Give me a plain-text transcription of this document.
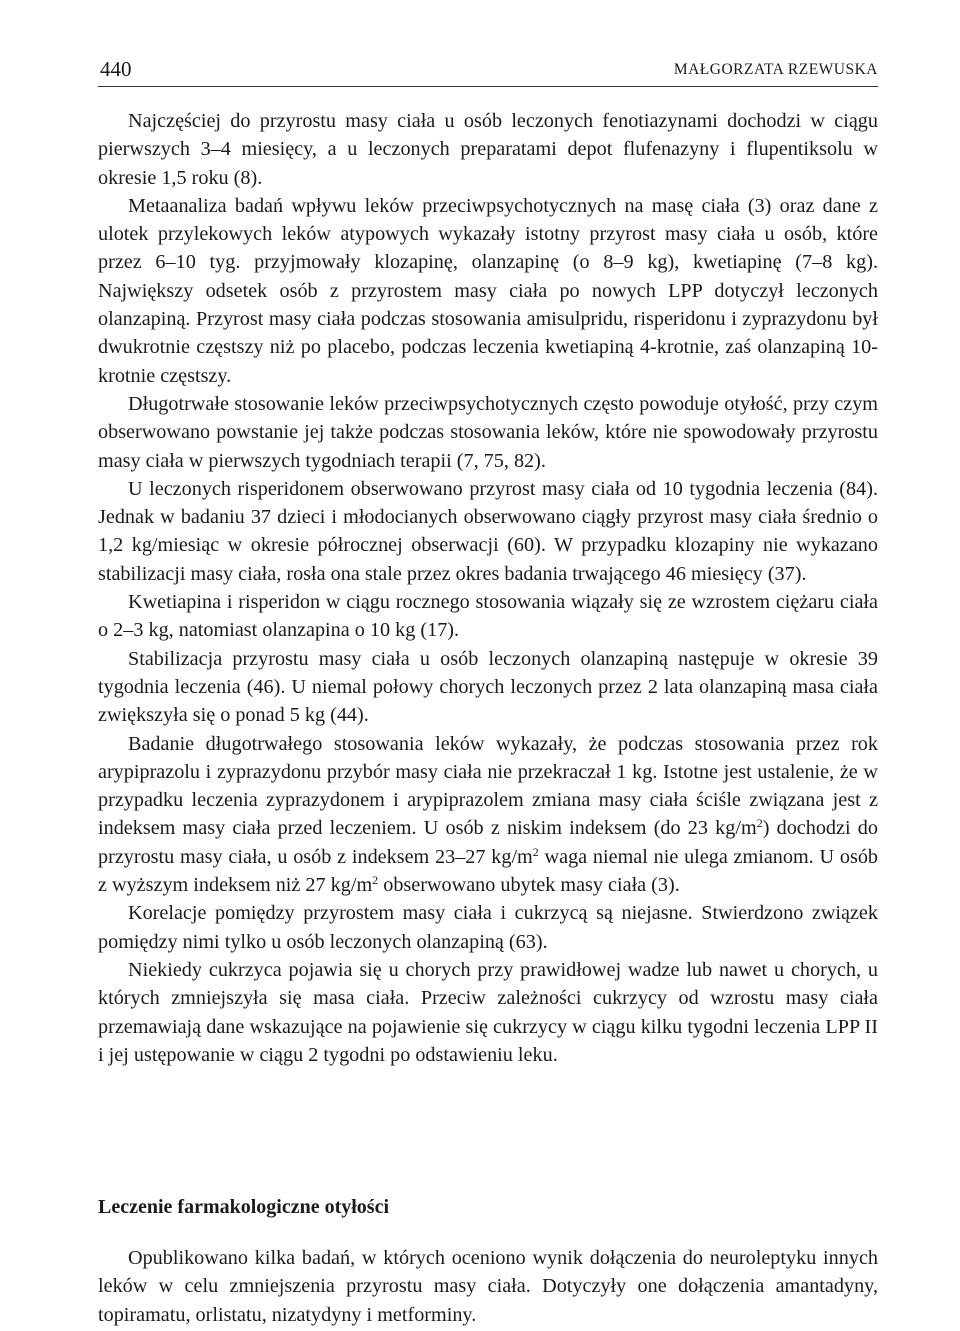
440	MAŁGORZATA RZEWUSKA

Najczęściej do przyrostu masy ciała u osób leczonych fenotiazynami dochodzi w ciągu pierwszych 3–4 miesięcy, a u leczonych preparatami depot flufenazyny i flupentiksolu w okresie 1,5 roku (8).

Metaanaliza badań wpływu leków przeciwpsychotycznych na masę ciała (3) oraz dane z ulotek przylekowych leków atypowych wykazały istotny przyrost masy ciała u osób, które przez 6–10 tyg. przyjmowały klozapinę, olanzapinę (o 8–9 kg), kwetiapinę (7–8 kg). Największy odsetek osób z przyrostem masy ciała po nowych LPP dotyczył leczonych olanzapiną. Przyrost masy ciała podczas stosowania amisulpridu, risperidonu i zyprazydonu był dwukrotnie częstszy niż po placebo, podczas leczenia kwetiapiną 4-krotnie, zaś olanzapiną 10-krotnie częstszy.

Długotrwałe stosowanie leków przeciwpsychotycznych często powoduje otyłość, przy czym obserwowano powstanie jej także podczas stosowania leków, które nie spowodowały przyrostu masy ciała w pierwszych tygodniach terapii (7, 75, 82).

U leczonych risperidonem obserwowano przyrost masy ciała od 10 tygodnia leczenia (84). Jednak w badaniu 37 dzieci i młodocianych obserwowano ciągły przyrost masy ciała średnio o 1,2 kg/miesiąc w okresie półrocznej obserwacji (60). W przypadku klozapiny nie wykazano stabilizacji masy ciała, rosła ona stale przez okres badania trwającego 46 miesięcy (37).

Kwetiapina i risperidon w ciągu rocznego stosowania wiązały się ze wzrostem ciężaru ciała o 2–3 kg, natomiast olanzapina o 10 kg (17).

Stabilizacja przyrostu masy ciała u osób leczonych olanzapiną następuje w okresie 39 tygodnia leczenia (46). U niemal połowy chorych leczonych przez 2 lata olanzapiną masa ciała zwiększyła się o ponad 5 kg (44).

Badanie długotrwałego stosowania leków wykazały, że podczas stosowania przez rok arypiprazolu i zyprazydonu przybór masy ciała nie przekraczał 1 kg. Istotne jest ustalenie, że w przypadku leczenia zyprazydonem i arypiprazolem zmiana masy ciała ściśle związana jest z indeksem masy ciała przed leczeniem. U osób z niskim indeksem (do 23 $kg/m^2$) dochodzi do przyrostu masy ciała, u osób z indeksem 23–27 $kg/m^2$ waga niemal nie ulega zmianom. U osób z wyższym indeksem niż 27 $kg/m^2$ obserwowano ubytek masy ciała (3).

Korelacje pomiędzy przyrostem masy ciała i cukrzycą są niejasne. Stwierdzono związek pomiędzy nimi tylko u osób leczonych olanzapiną (63).

Niekiedy cukrzyca pojawia się u chorych przy prawidłowej wadze lub nawet u chorych, u których zmniejszyła się masa ciała. Przeciw zależności cukrzycy od wzrostu masy ciała przemawiają dane wskazujące na pojawienie się cukrzycy w ciągu kilku tygodni leczenia LPP II i jej ustępowanie w ciągu 2 tygodni po odstawieniu leku.

Leczenie farmakologiczne otyłości

Opublikowano kilka badań, w których oceniono wynik dołączenia do neuroleptyku innych leków w celu zmniejszenia przyrostu masy ciała. Dotyczyły one dołączenia amantadyny, topiramatu, orlistatu, nizatydyny i metforminy.
